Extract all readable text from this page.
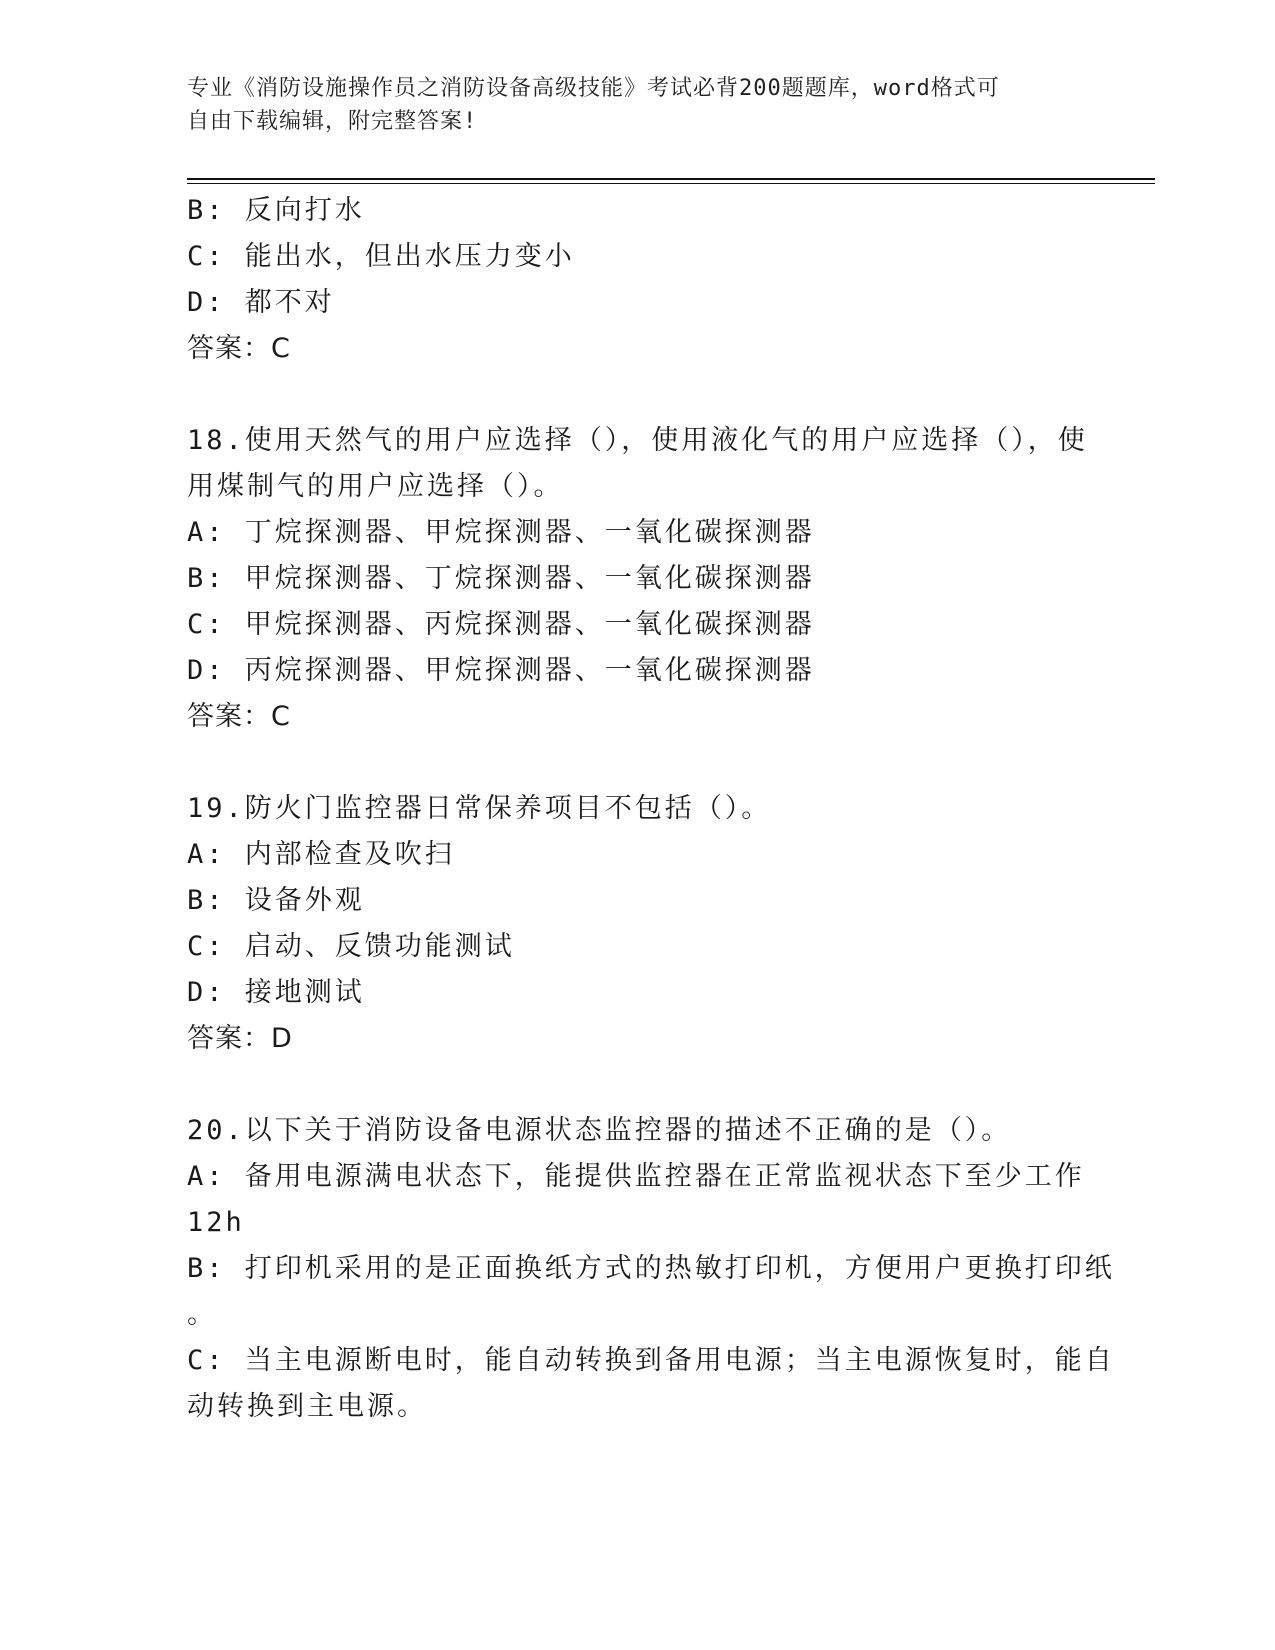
专业《消防设施操作员之消防设备高级技能》考试必背200题题库，word格式可
自由下载编辑，附完整答案!
B: 反向打水
C: 能出水，但出水压力变小
D: 都不对
答案：C
18.使用天然气的用户应选择（），使用液化气的用户应选择（），使
用煤制气的用户应选择（）。
A: 丁烷探测器、甲烷探测器、一氧化碳探测器
B: 甲烷探测器、丁烷探测器、一氧化碳探测器
C: 甲烷探测器、丙烷探测器、一氧化碳探测器
D: 丙烷探测器、甲烷探测器、一氧化碳探测器
答案：C
19.防火门监控器日常保养项目不包括（）。
A: 内部检查及吹扫
B: 设备外观
C: 启动、反馈功能测试
D: 接地测试
答案：D
20.以下关于消防设备电源状态监控器的描述不正确的是（）。
A: 备用电源满电状态下，能提供监控器在正常监视状态下至少工作
12h
B: 打印机采用的是正面换纸方式的热敏打印机，方便用户更换打印纸
。
C: 当主电源断电时，能自动转换到备用电源；当主电源恢复时，能自
动转换到主电源。
